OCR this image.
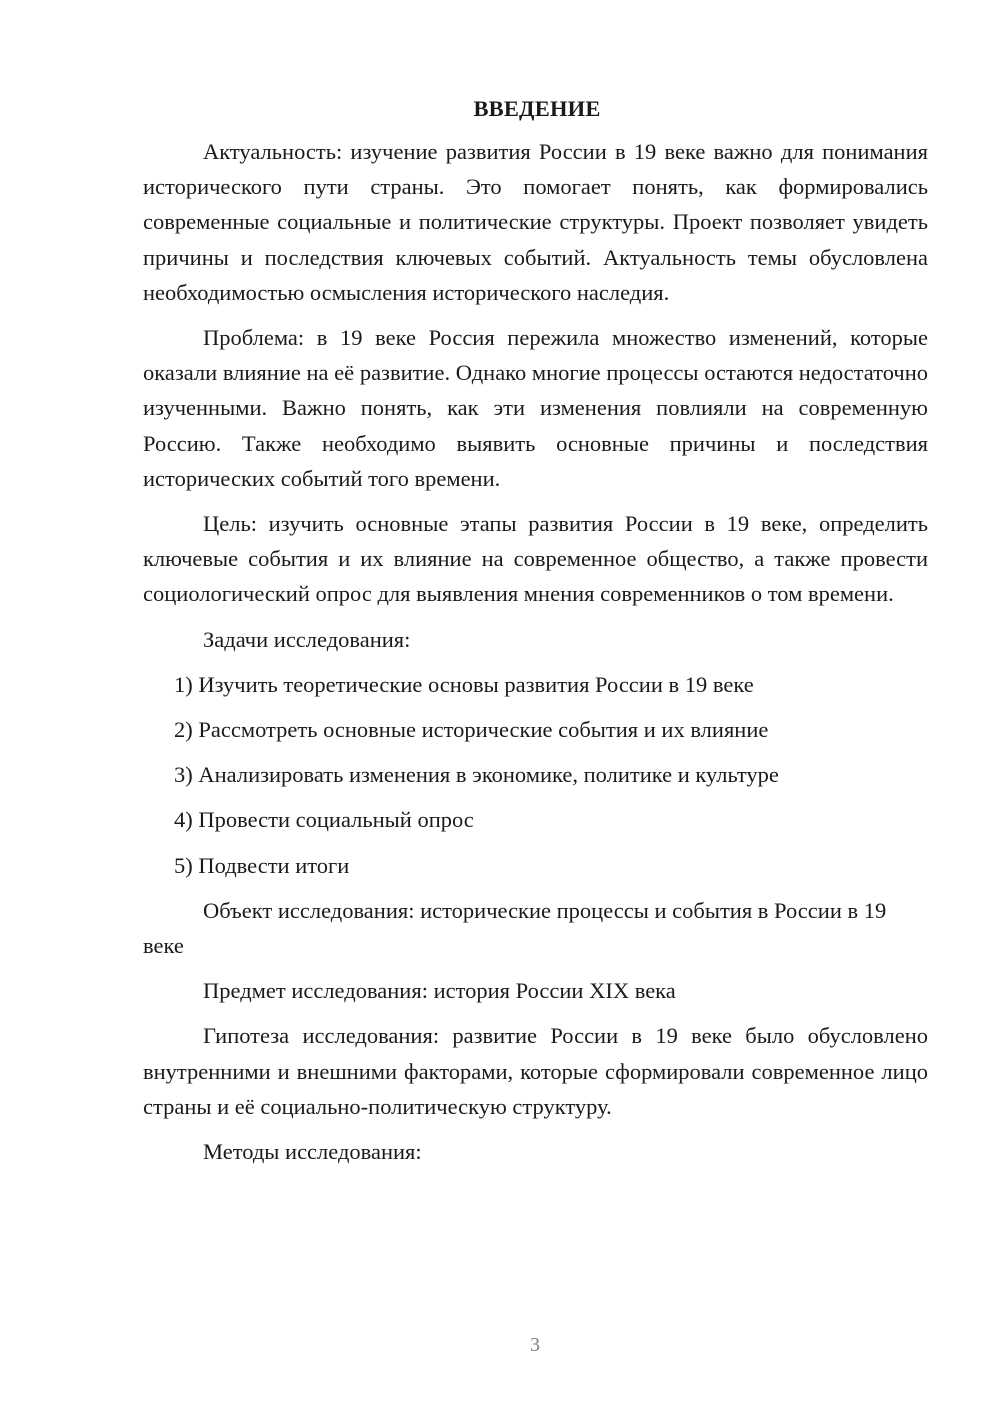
ВВЕДЕНИЕ

Актуальность: изучение развития России в 19 веке важно для понимания исторического пути страны. Это помогает понять, как формировались современные социальные и политические структуры. Проект позволяет увидеть причины и последствия ключевых событий. Актуальность темы обусловлена необходимостью осмысления исторического наследия.

Проблема: в 19 веке Россия пережила множество изменений, которые оказали влияние на её развитие. Однако многие процессы остаются недостаточно изученными. Важно понять, как эти изменения повлияли на современную Россию. Также необходимо выявить основные причины и последствия исторических событий того времени.

Цель: изучить основные этапы развития России в 19 веке, определить ключевые события и их влияние на современное общество, а также провести социологический опрос для выявления мнения современников о том времени.

Задачи исследования:

1) Изучить теоретические основы развития России в 19 веке
2) Рассмотреть основные исторические события и их влияние
3) Анализировать изменения в экономике, политике и культуре
4) Провести социальный опрос
5) Подвести итоги

Объект исследования: исторические процессы и события в России в 19 веке

Предмет исследования: история России XIX века

Гипотеза исследования: развитие России в 19 веке было обусловлено внутренними и внешними факторами, которые сформировали современное лицо страны и её социально-политическую структуру.

Методы исследования:

3
